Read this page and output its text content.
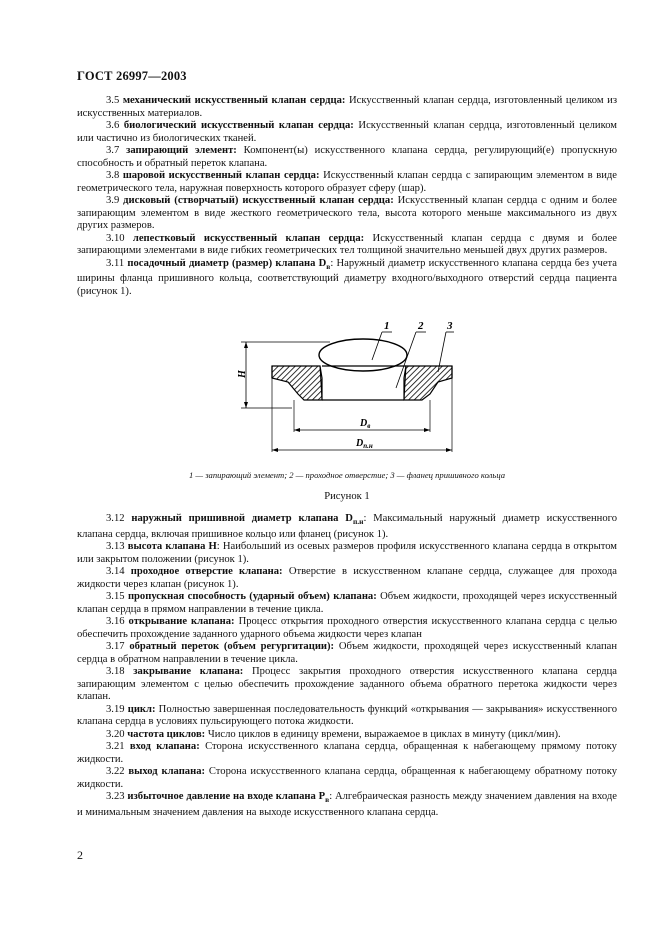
ГОСТ 26997—2003

3.5 механический искусственный клапан сердца: Искусственный клапан сердца, изготовленный целиком из искусственных материалов.

3.6 биологический искусственный клапан сердца: Искусственный клапан сердца, изготовленный целиком или частично из биологических тканей.

3.7 запирающий элемент: Компонент(ы) искусственного клапана сердца, регулирующий(е) пропускную способность и обратный переток клапана.

3.8 шаровой искусственный клапан сердца: Искусственный клапан сердца с запирающим элементом в виде геометрического тела, наружная поверхность которого образует сферу (шар).

3.9 дисковый (створчатый) искусственный клапан сердца: Искусственный клапан сердца с одним и более запирающим элементом в виде жесткого геометрического тела, высота которого меньше максимального из двух других размеров.

3.10 лепестковый искусственный клапан сердца: Искусственный клапан сердца с двумя и более запирающими элементами в виде гибких геометрических тел толщиной значительно меньшей двух других размеров.

3.11 посадочный диаметр (размер) клапана $D_в$: Наружный диаметр искусственного клапана сердца без учета ширины фланца пришивного кольца, соответствующий диаметру входного/выходного отверстий сердца пациента (рисунок 1).

H
1	2 3
$D_в$
$D_{п.н}$
1 — запирающий элемент; 2 — проходное отверстие; 3 — фланец пришивного кольца
Рисунок 1

3.12 наружный пришивной диаметр клапана $D_{п.н}$: Максимальный наружный диаметр искусственного клапана сердца, включая пришивное кольцо или фланец (рисунок 1).

3.13 высота клапана H: Наибольший из осевых размеров профиля искусственного клапана сердца в открытом или закрытом положении (рисунок 1).

3.14 проходное отверстие клапана: Отверстие в искусственном клапане сердца, служащее для прохода жидкости через клапан (рисунок 1).

3.15 пропускная способность (ударный объем) клапана: Объем жидкости, проходящей через искусственный клапан сердца в прямом направлении в течение цикла.

3.16 открывание клапана: Процесс открытия проходного отверстия искусственного клапана сердца с целью обеспечить прохождение заданного ударного объема жидкости через клапан

3.17 обратный переток (объем регургитации): Объем жидкости, проходящей через искусственный клапан сердца в обратном направлении в течение цикла.

3.18 закрывание клапана: Процесс закрытия проходного отверстия искусственного клапана сердца запирающим элементом с целью обеспечить прохождение заданного объема обратного перетока жидкости через клапан.

3.19 цикл: Полностью завершенная последовательность функций «открывания — закрывания» искусственного клапана сердца в условиях пульсирующего потока жидкости.

3.20 частота циклов: Число циклов в единицу времени, выражаемое в циклах в минуту (цикл/мин).

3.21 вход клапана: Сторона искусственного клапана сердца, обращенная к набегающему прямому потоку жидкости.

3.22 выход клапана: Сторона искусственного клапана сердца, обращенная к набегающему обратному потоку жидкости.

3.23 избыточное давление на входе клапана $P_в$: Алгебраическая разность между значением давления на входе и минимальным значением давления на выходе искусственного клапана сердца.

2
